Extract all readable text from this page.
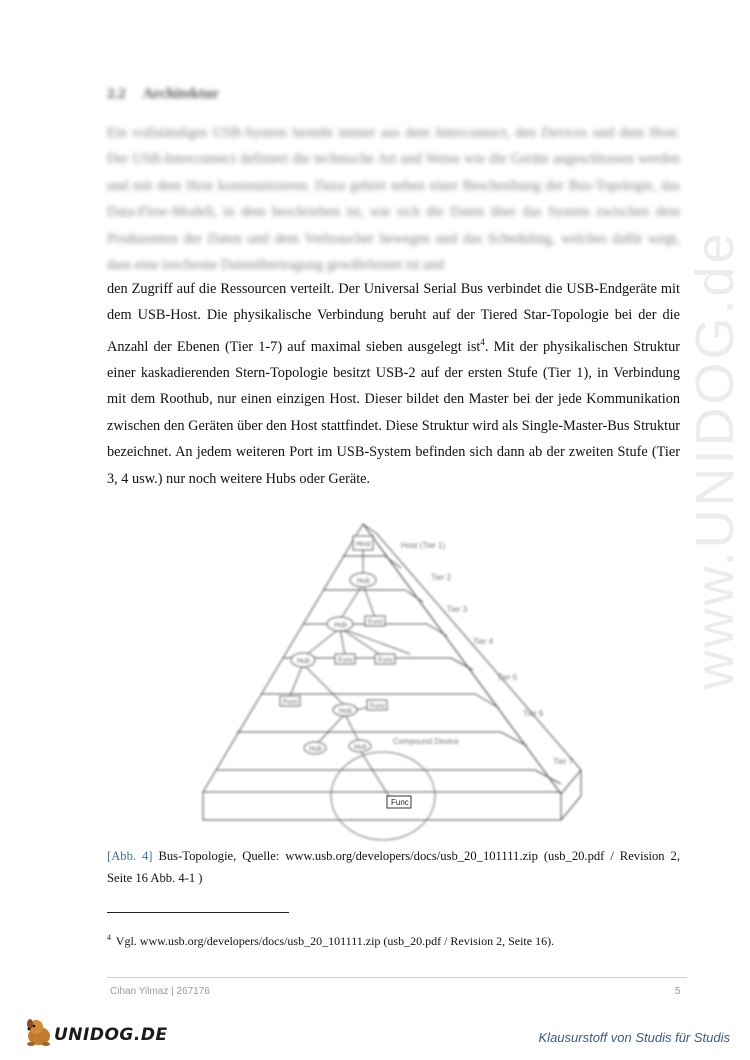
2.2 Architektur
Ein vollständiges USB-System besteht immer aus dem Interconnect, den Devices und dem Host. Der USB-Interconnect definiert die technische Art und Weise wie die Geräte angeschlossen werden und mit dem Host kommunizieren. Dazu gehört neben einer Beschreibung der Bus-Topologie, das Data-Flow-Modell, in dem beschrieben ist, wie sich die Daten über das System zwischen dem Produzenten der Daten und dem Verbraucher bewegen und das Scheduling, welches dafür sorgt, dass eine isochrone Datenübertragung gewährleistet ist und
den Zugriff auf die Ressourcen verteilt. Der Universal Serial Bus verbindet die USB-Endgeräte mit dem USB-Host. Die physikalische Verbindung beruht auf der Tiered Star-Topologie bei der die Anzahl der Ebenen (Tier 1-7) auf maximal sieben ausgelegt ist$^4$. Mit der physikalischen Struktur einer kaskadierenden Stern-Topologie besitzt USB-2 auf der ersten Stufe (Tier 1), in Verbindung mit dem Roothub, nur einen einzigen Host. Dieser bildet den Master bei der jede Kommunikation zwischen den Geräten über den Host stattfindet. Diese Struktur wird als Single-Master-Bus Struktur bezeichnet. An jedem weiteren Port im USB-System befinden sich dann ab der zweiten Stufe (Tier 3, 4 usw.) nur noch weitere Hubs oder Geräte.	www.UNIDOG.de
Host
Hub
Hub	Func
Hub	Func	Func
Func
Hub
Func
Hub	Hub
Host (Tier 1)
Tier 2
Tier 3
Tier 4
Tier 5
Tier 6
Tier 7
Compound Device
Func
[Abb. 4] Bus-Topologie, Quelle: www.usb.org/developers/docs/usb_20_101111.zip (usb_20.pdf / Revision 2, Seite 16 Abb. 4-1 )
$^4$ Vgl. www.usb.org/developers/docs/usb_20_101111.zip (usb_20.pdf / Revision 2, Seite 16).
Cihan Yilmaz | 267176	5
UNIDOG.DE	Klausurstoff von Studis für Studis
